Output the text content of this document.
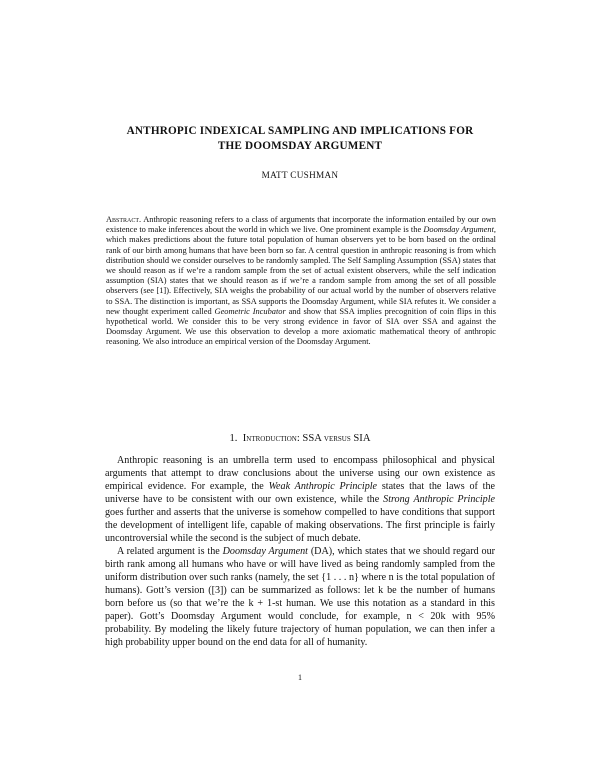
ANTHROPIC INDEXICAL SAMPLING AND IMPLICATIONS FOR
THE DOOMSDAY ARGUMENT
MATT CUSHMAN

Abstract. Anthropic reasoning refers to a class of arguments that incorporate the information entailed by our own existence to make inferences about the world in which we live. One prominent example is the Doomsday Argument, which makes predictions about the future total population of human observers yet to be born based on the ordinal rank of our birth among humans that have been born so far. A central question in anthropic reasoning is from which distribution should we consider ourselves to be randomly sampled. The Self Sampling Assumption (SSA) states that we should reason as if we’re a random sample from the set of actual existent observers, while the self indication assumption (SIA) states that we should reason as if we’re a random sample from among the set of all possible observers (see [1]). Effectively, SIA weighs the probability of our actual world by the number of observers relative to SSA. The distinction is important, as SSA supports the Doomsday Argument, while SIA refutes it. We consider a new thought experiment called Geometric Incubator and show that SSA implies precognition of coin flips in this hypothetical world. We consider this to be very strong evidence in favor of SIA over SSA and against the Doomsday Argument. We use this observation to develop a more axiomatic mathematical theory of anthropic reasoning. We also introduce an empirical version of the Doomsday Argument.

1. Introduction: SSA versus SIA

Anthropic reasoning is an umbrella term used to encompass philosophical and physical arguments that attempt to draw conclusions about the universe using our own existence as empirical evidence. For example, the Weak Anthropic Principle states that the laws of the universe have to be consistent with our own existence, while the Strong Anthropic Principle goes further and asserts that the universe is somehow compelled to have conditions that support the development of intelligent life, capable of making observations. The first principle is fairly uncontroversial while the second is the subject of much debate.

A related argument is the Doomsday Argument (DA), which states that we should regard our birth rank among all humans who have or will have lived as being randomly sampled from the uniform distribution over such ranks (namely, the set {1 . . . n} where n is the total population of humans). Gott’s version ([3]) can be summarized as follows: let k be the number of humans born before us (so that we’re the k + 1-st human. We use this notation as a standard in this paper). Gott’s Doomsday Argument would conclude, for example, n < 20k with 95% probability. By modeling the likely future trajectory of human population, we can then infer a high probability upper bound on the end data for all of humanity.

1
